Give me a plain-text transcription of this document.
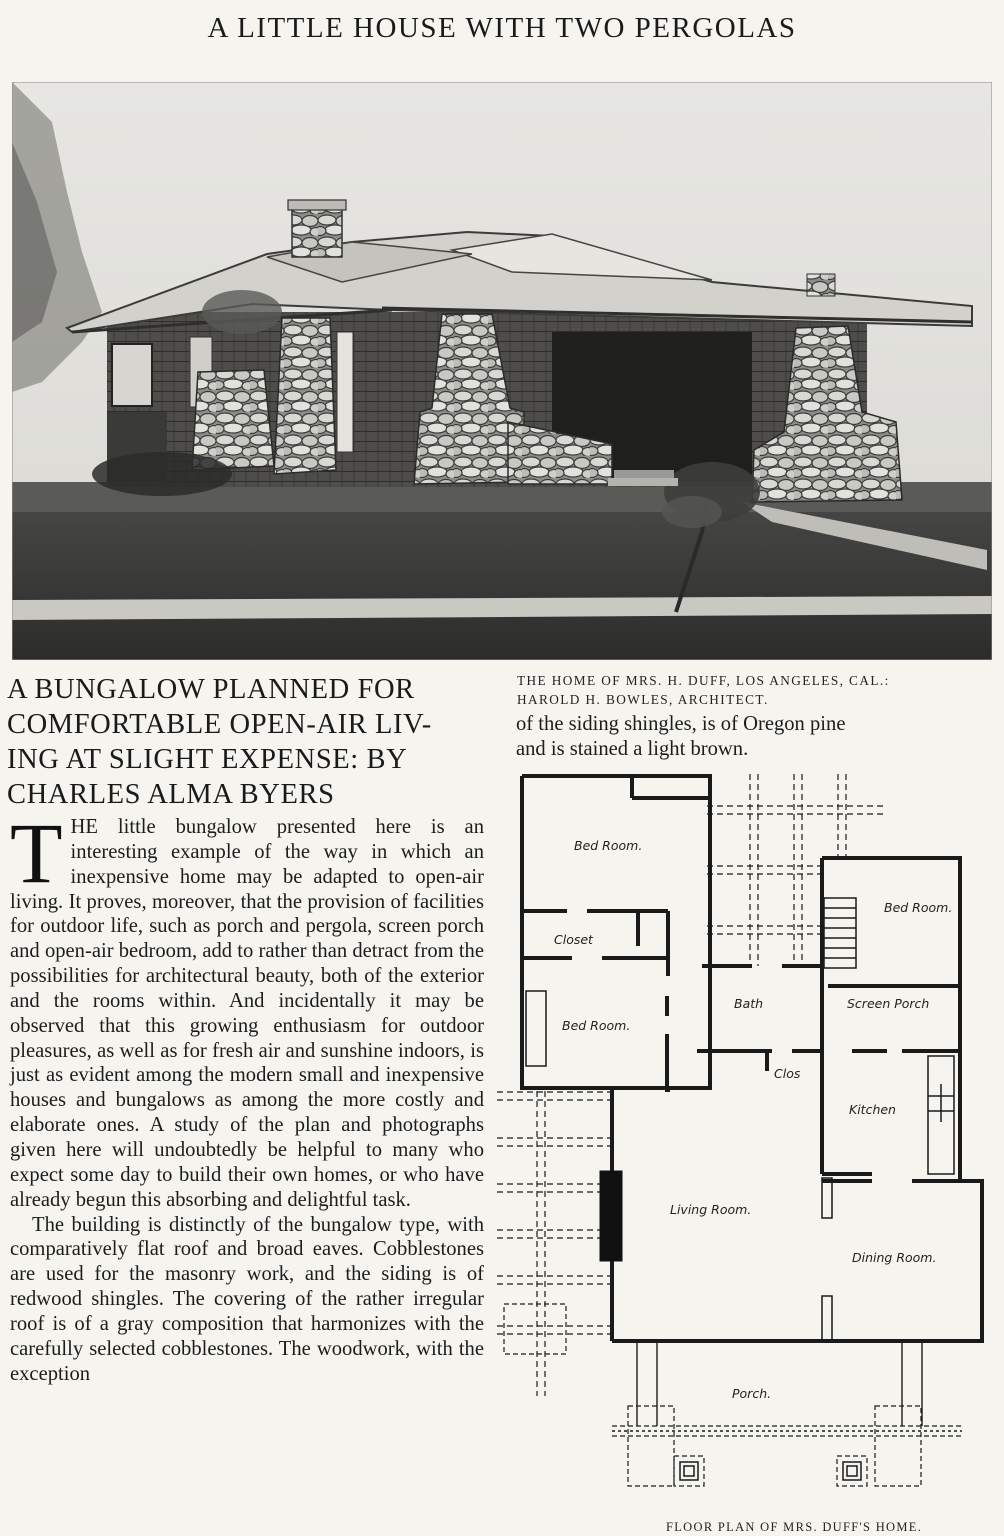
A LITTLE HOUSE WITH TWO PERGOLAS
A BUNGALOW PLANNED FOR
COMFORTABLE OPEN-AIR LIV-
ING AT SLIGHT EXPENSE: BY
CHARLES ALMA BYERS

THE little bungalow presented here is an interesting example of the way in which an inexpensive home may be adapted to open-air living. It proves, moreover, that the provision of facilities for outdoor life, such as porch and pergola, screen porch and open-air bedroom, add to rather than detract from the possibilities for architectural beauty, both of the exterior and the rooms within. And incidentally it may be observed that this growing enthusiasm for outdoor pleasures, as well as for fresh air and sunshine indoors, is just as evident among the modern small and inexpensive houses and bungalows as among the more costly and elaborate ones. A study of the plan and photographs given here will undoubtedly be helpful to many who expect some day to build their own homes, or who have already begun this absorbing and delightful task.

The building is distinctly of the bungalow type, with comparatively flat roof and broad eaves. Cobblestones are used for the masonry work, and the siding is of redwood shingles. The covering of the rather irregular roof is of a gray composition that harmonizes with the carefully selected cobblestones. The woodwork, with the exception

THE HOME OF MRS. H. DUFF, LOS ANGELES, CAL.:
HAROLD H. BOWLES, ARCHITECT.
of the siding shingles, is of Oregon pine
and is stained a light brown.
Bed Room.
Closet
Bed Room.
Bed Room.
Bath	Screen Porch
Clos
Kitchen
Living Room.
Dining Room.
Porch.
FLOOR PLAN OF MRS. DUFF'S HOME.
